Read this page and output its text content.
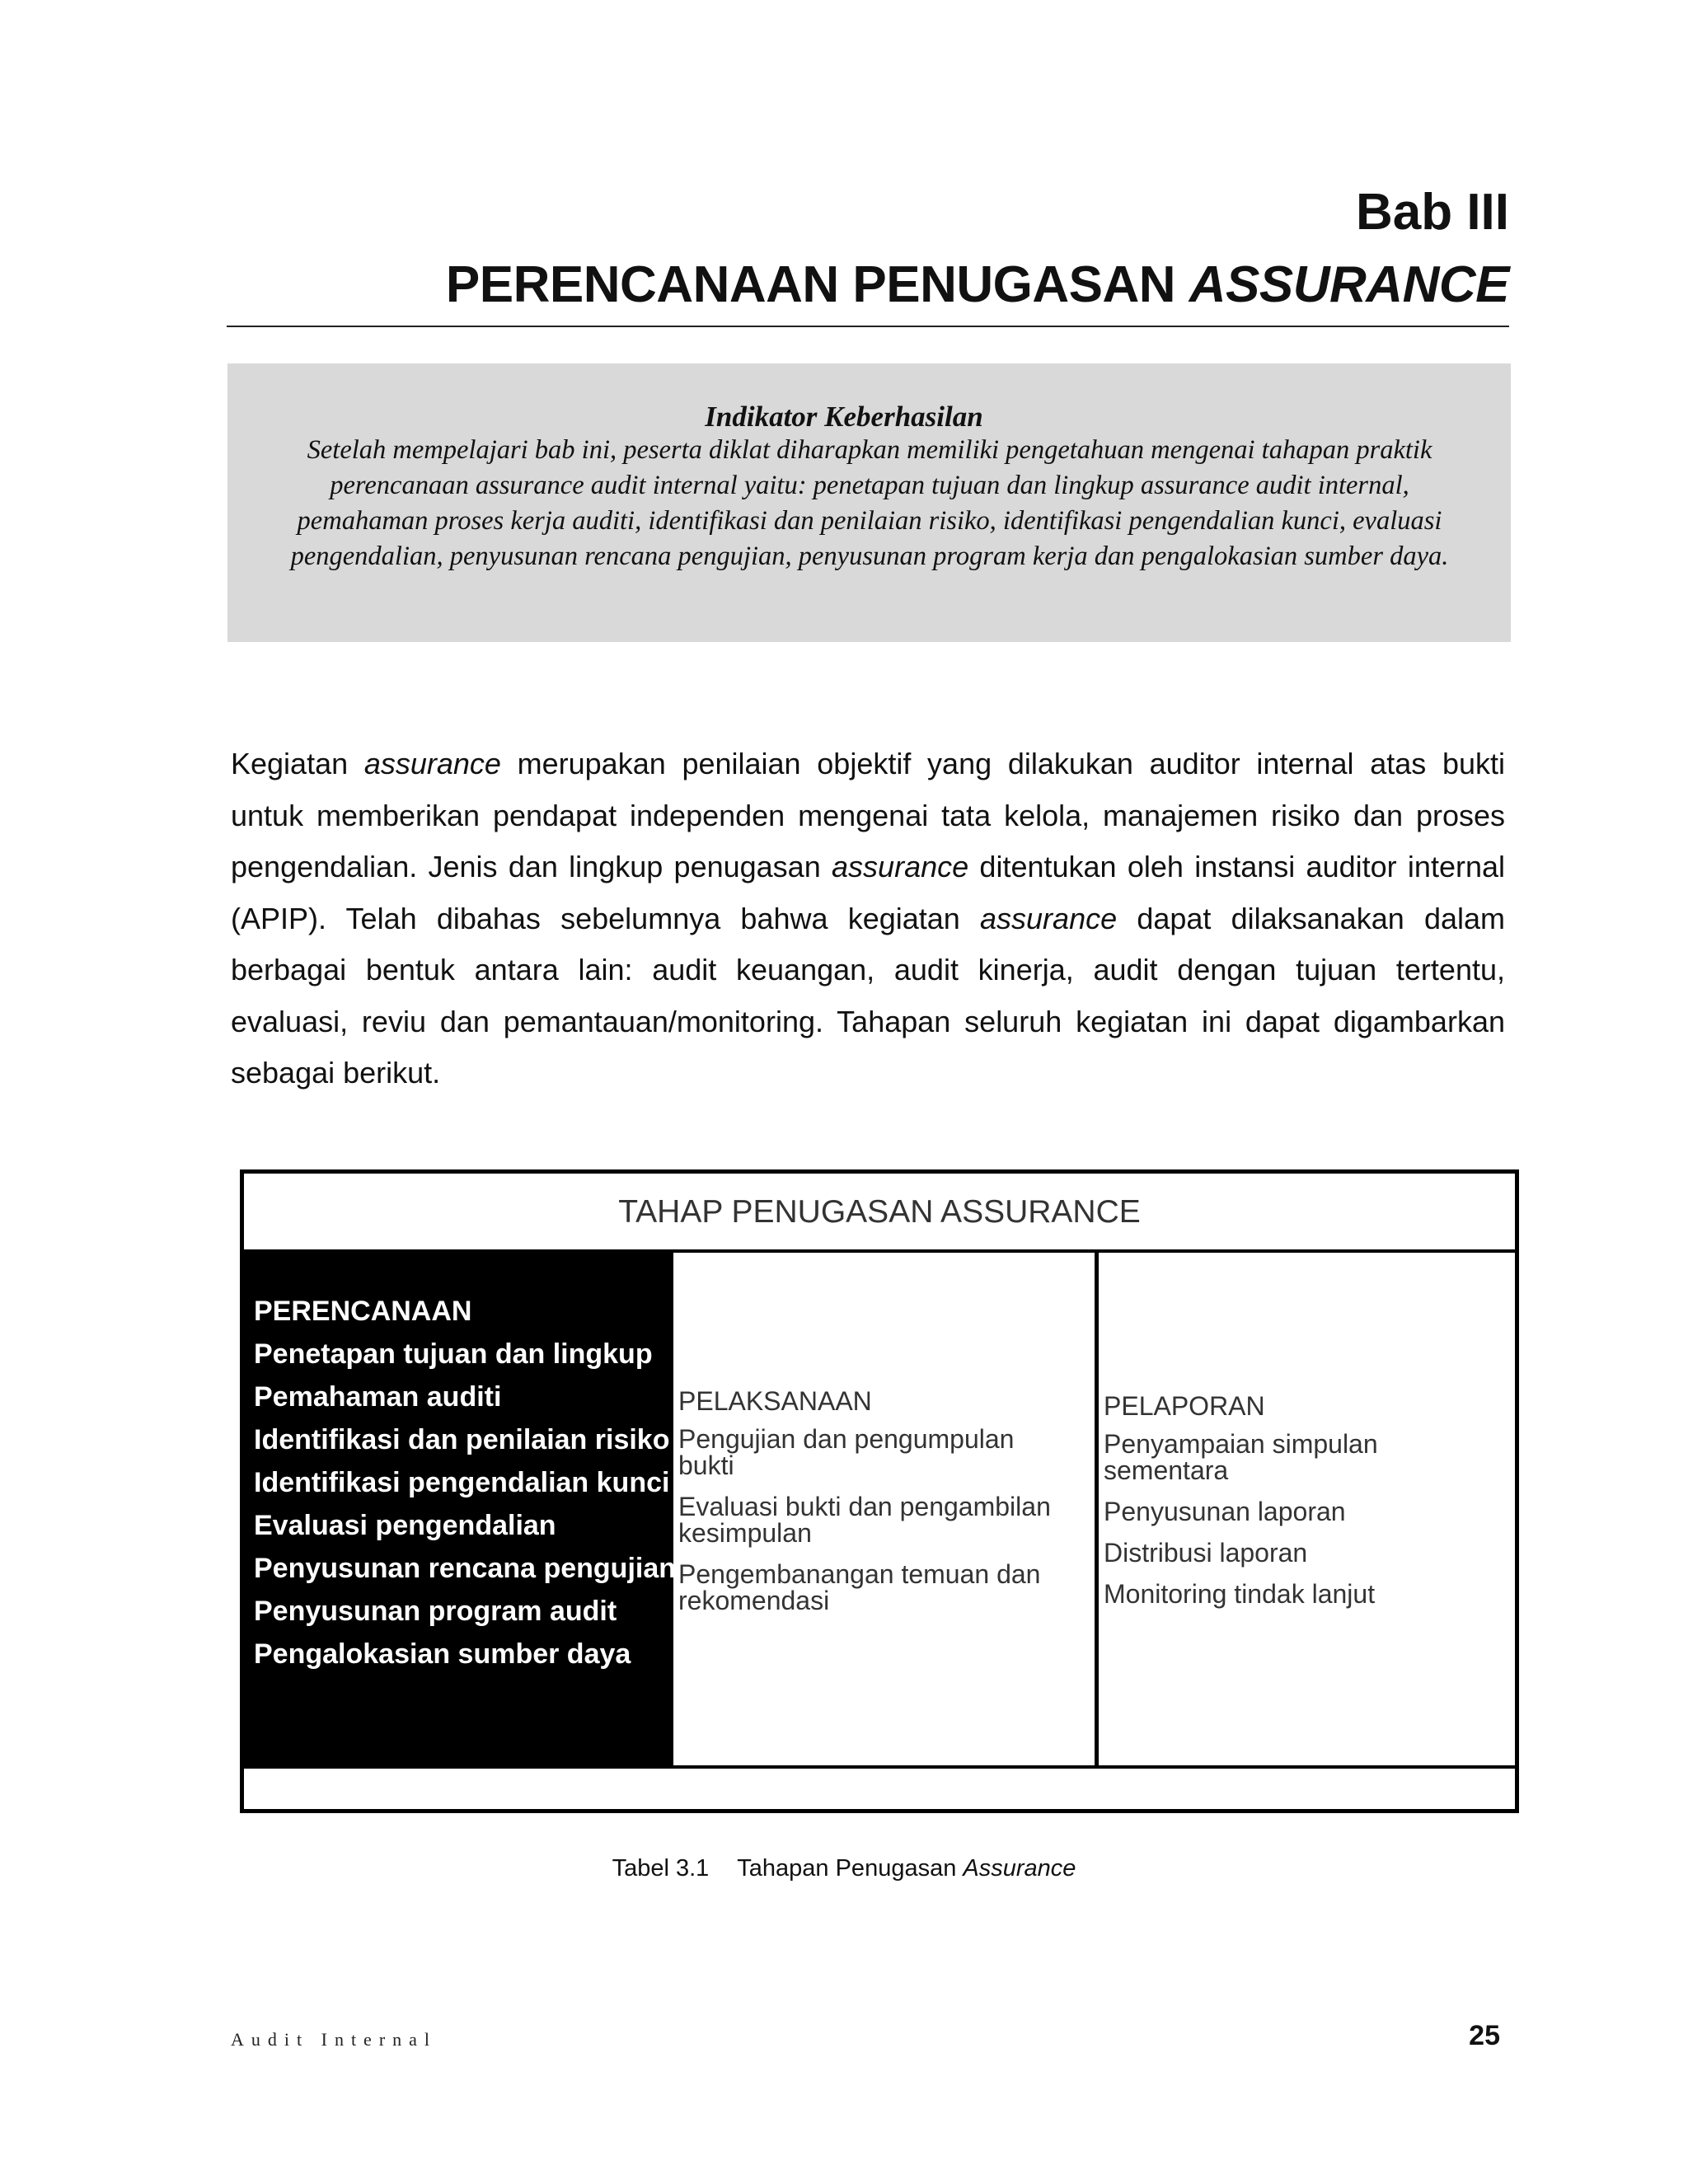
Bab III
PERENCANAAN PENUGASAN ASSURANCE
Indikator Keberhasilan
Setelah mempelajari bab ini, peserta diklat diharapkan memiliki pengetahuan mengenai tahapan praktik perencanaan assurance audit internal yaitu: penetapan tujuan dan lingkup assurance audit internal, pemahaman proses kerja auditi, identifikasi dan penilaian risiko, identifikasi pengendalian kunci, evaluasi pengendalian, penyusunan rencana pengujian, penyusunan program kerja dan pengalokasian sumber daya.

Kegiatan assurance merupakan penilaian objektif yang dilakukan auditor internal atas bukti untuk memberikan pendapat independen mengenai tata kelola, manajemen risiko dan proses pengendalian. Jenis dan lingkup penugasan assurance ditentukan oleh instansi auditor internal (APIP). Telah dibahas sebelumnya bahwa kegiatan assurance dapat dilaksanakan dalam berbagai bentuk antara lain: audit keuangan, audit kinerja, audit dengan tujuan tertentu, evaluasi, reviu dan pemantauan/monitoring. Tahapan seluruh kegiatan ini dapat digambarkan sebagai berikut.

TAHAP PENUGASAN ASSURANCE
PERENCANAAN
Penetapan tujuan dan lingkup
Pemahaman auditi
Identifikasi dan penilaian risiko
Identifikasi pengendalian kunci
Evaluasi pengendalian
Penyusunan rencana pengujian
Penyusunan program audit
Pengalokasian sumber daya
PELAKSANAAN
Pengujian dan pengumpulan bukti
Evaluasi bukti dan pengambilan kesimpulan
Pengembanangan temuan dan rekomendasi
PELAPORAN
Penyampaian simpulan sementara
Penyusunan laporan
Distribusi laporan
Monitoring tindak lanjut
Tabel 3.1 Tahapan Penugasan Assurance
Audit Internal	25
